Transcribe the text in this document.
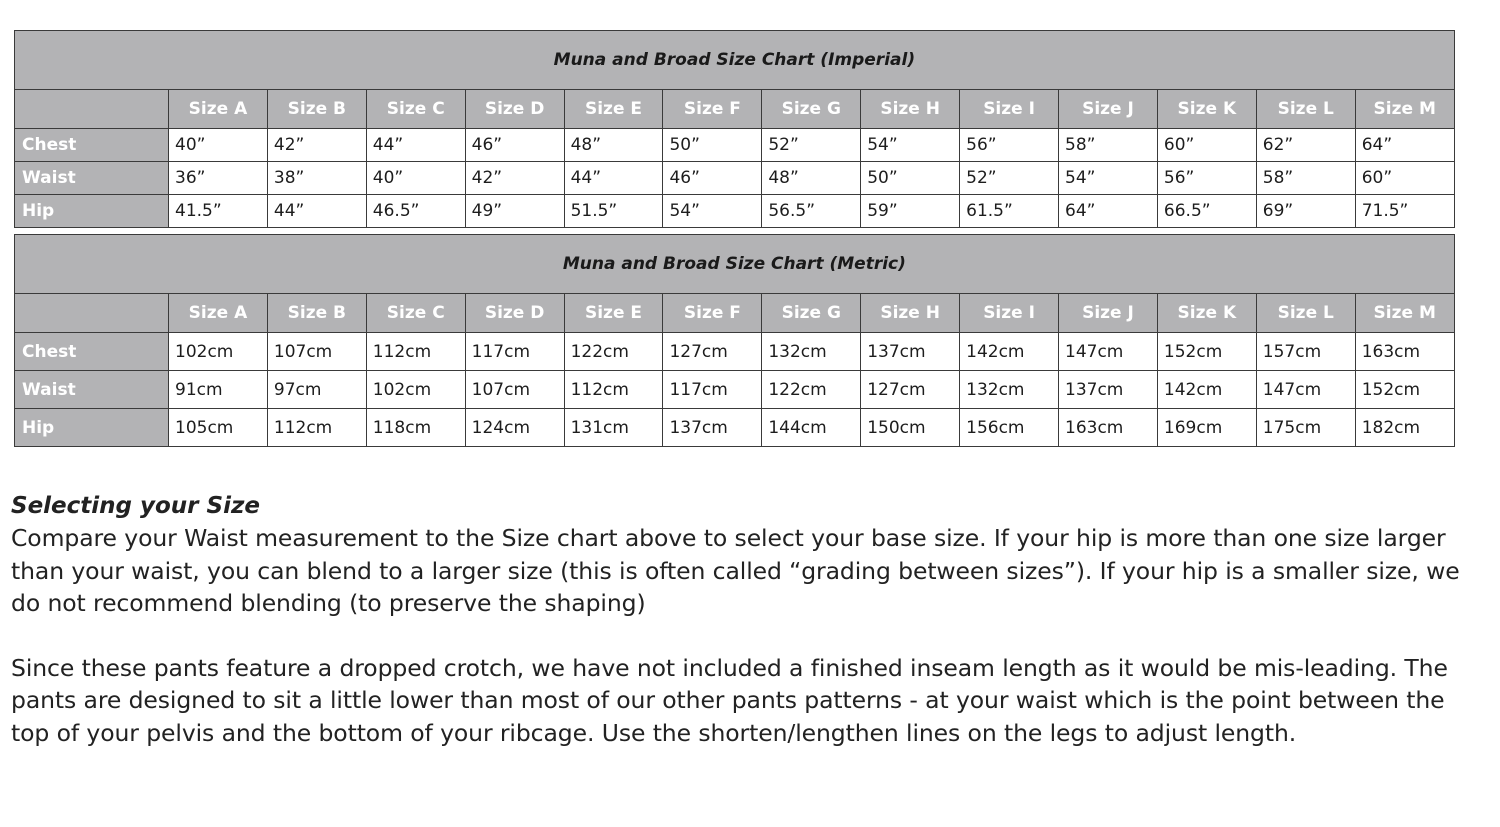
Muna and Broad Size Chart (Imperial)													
	Size A	Size B	Size C	Size D	Size E	Size F	Size G	Size H	Size I	Size J	Size K	Size L	Size M
Chest	40”	42”	44”	46”	48”	50”	52”	54”	56”	58”	60”	62”	64”
Waist	36”	38”	40”	42”	44”	46”	48”	50”	52”	54”	56”	58”	60”
Hip	41.5”	44”	46.5”	49”	51.5”	54”	56.5”	59”	61.5”	64”	66.5”	69”	71.5”
Muna and Broad Size Chart (Metric)													
	Size A	Size B	Size C	Size D	Size E	Size F	Size G	Size H	Size I	Size J	Size K	Size L	Size M
Chest	102cm	107cm	112cm	117cm	122cm	127cm	132cm	137cm	142cm	147cm	152cm	157cm	163cm
Waist	91cm	97cm	102cm	107cm	112cm	117cm	122cm	127cm	132cm	137cm	142cm	147cm	152cm
Hip	105cm	112cm	118cm	124cm	131cm	137cm	144cm	150cm	156cm	163cm	169cm	175cm	182cm
Selecting your Size

Compare your Waist measurement to the Size chart above to select your base size. If your hip is more than one size larger than your waist, you can blend to a larger size (this is often called “grading between sizes”). If your hip is a smaller size, we do not recommend blending (to preserve the shaping)

Since these pants feature a dropped crotch, we have not included a finished inseam length as it would be mis-leading. The pants are designed to sit a little lower than most of our other pants patterns - at your waist which is the point between the top of your pelvis and the bottom of your ribcage. Use the shorten/lengthen lines on the legs to adjust length.
